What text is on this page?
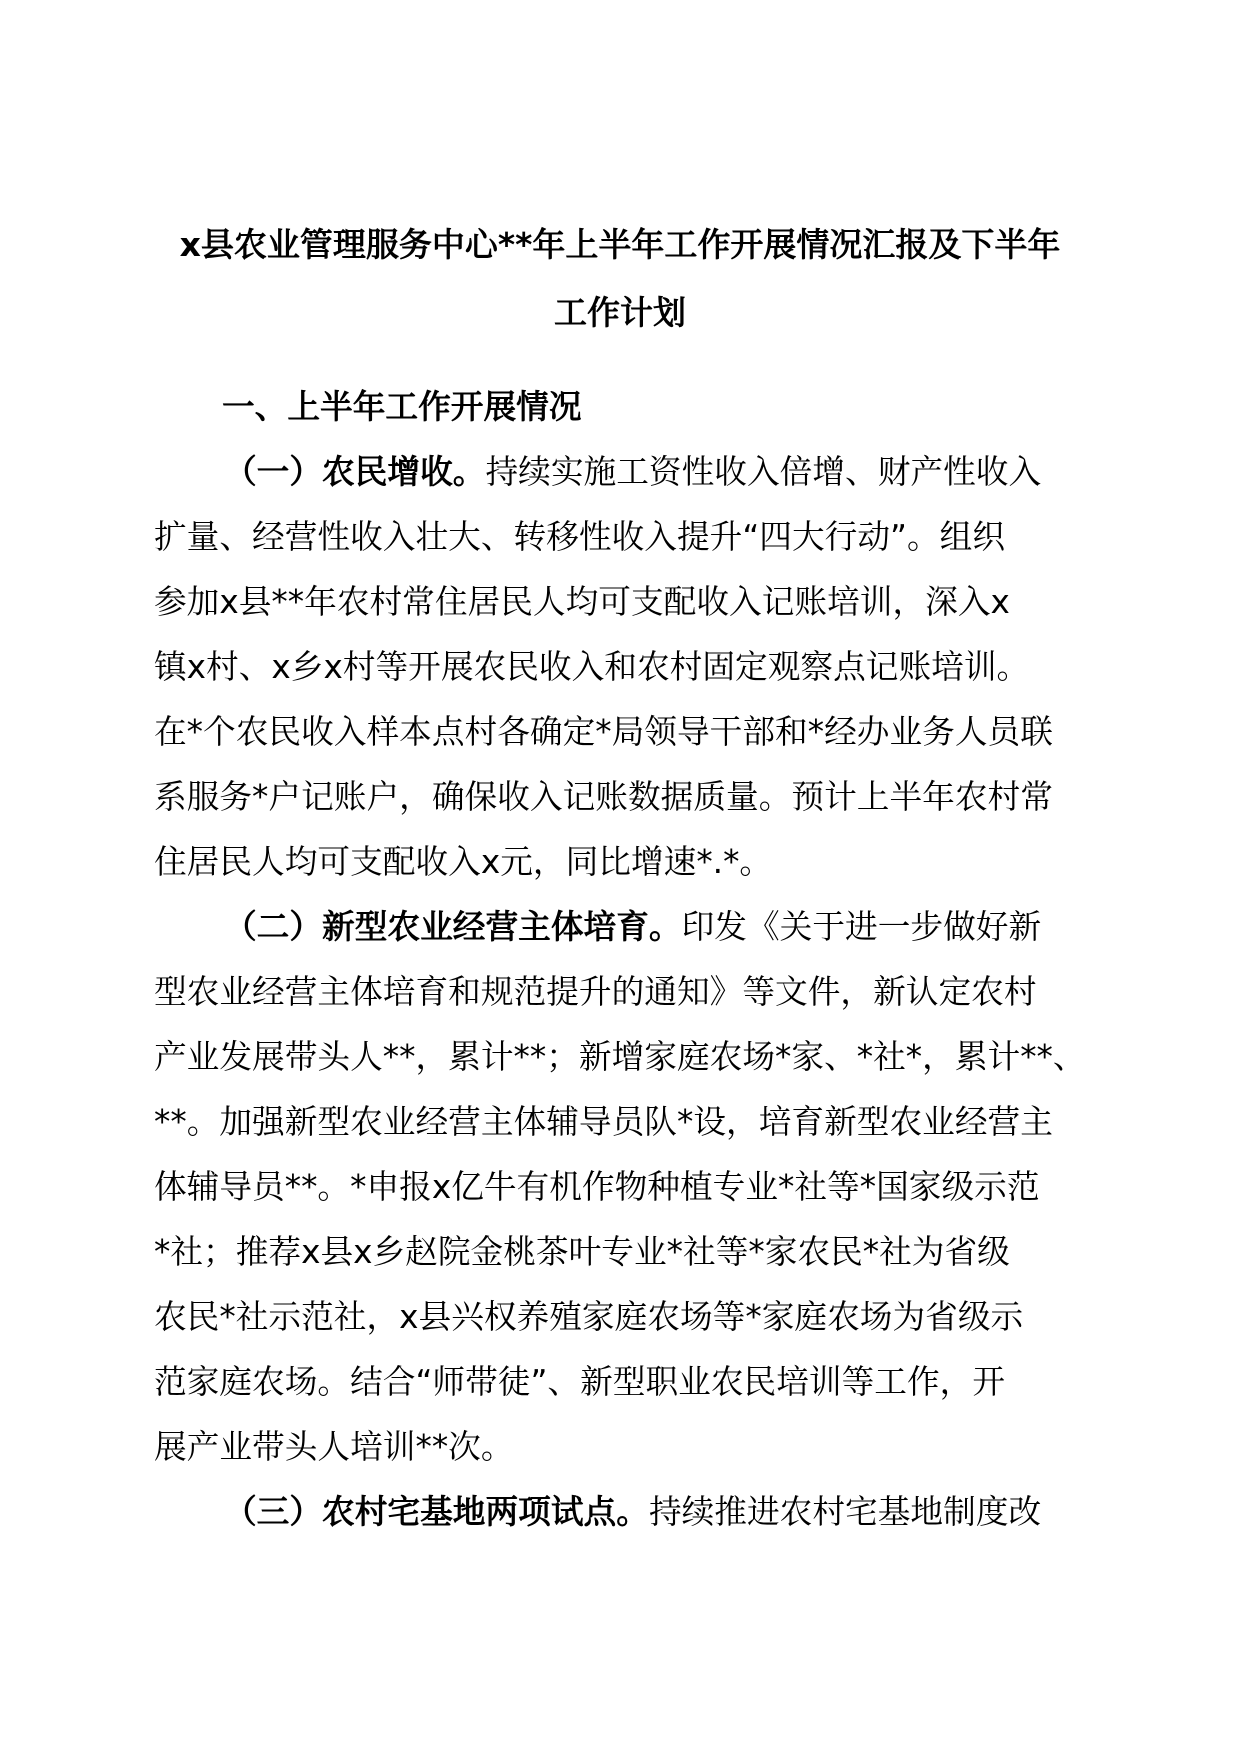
x县农业管理服务中心**年上半年工作开展情况汇报及下半年
工作计划
一、上半年工作开展情况
（一）农民增收。持续实施工资性收入倍增、财产性收入
扩量、经营性收入壮大、转移性收入提升“四大行动”。组织
参加x县**年农村常住居民人均可支配收入记账培训，深入x
镇x村、x乡x村等开展农民收入和农村固定观察点记账培训。
在*个农民收入样本点村各确定*局领导干部和*经办业务人员联
系服务*户记账户，确保收入记账数据质量。预计上半年农村常
住居民人均可支配收入x元，同比增速*.*。
（二）新型农业经营主体培育。印发《关于进一步做好新
型农业经营主体培育和规范提升的通知》等文件，新认定农村
产业发展带头人**，累计**；新增家庭农场*家、*社*，累计**、
**。加强新型农业经营主体辅导员队*设，培育新型农业经营主
体辅导员**。*申报x亿牛有机作物种植专业*社等*国家级示范
*社；推荐x县x乡赵院金桃茶叶专业*社等*家农民*社为省级
农民*社示范社，x县兴权养殖家庭农场等*家庭农场为省级示
范家庭农场。结合“师带徒”、新型职业农民培训等工作，开
展产业带头人培训**次。
（三）农村宅基地两项试点。持续推进农村宅基地制度改
